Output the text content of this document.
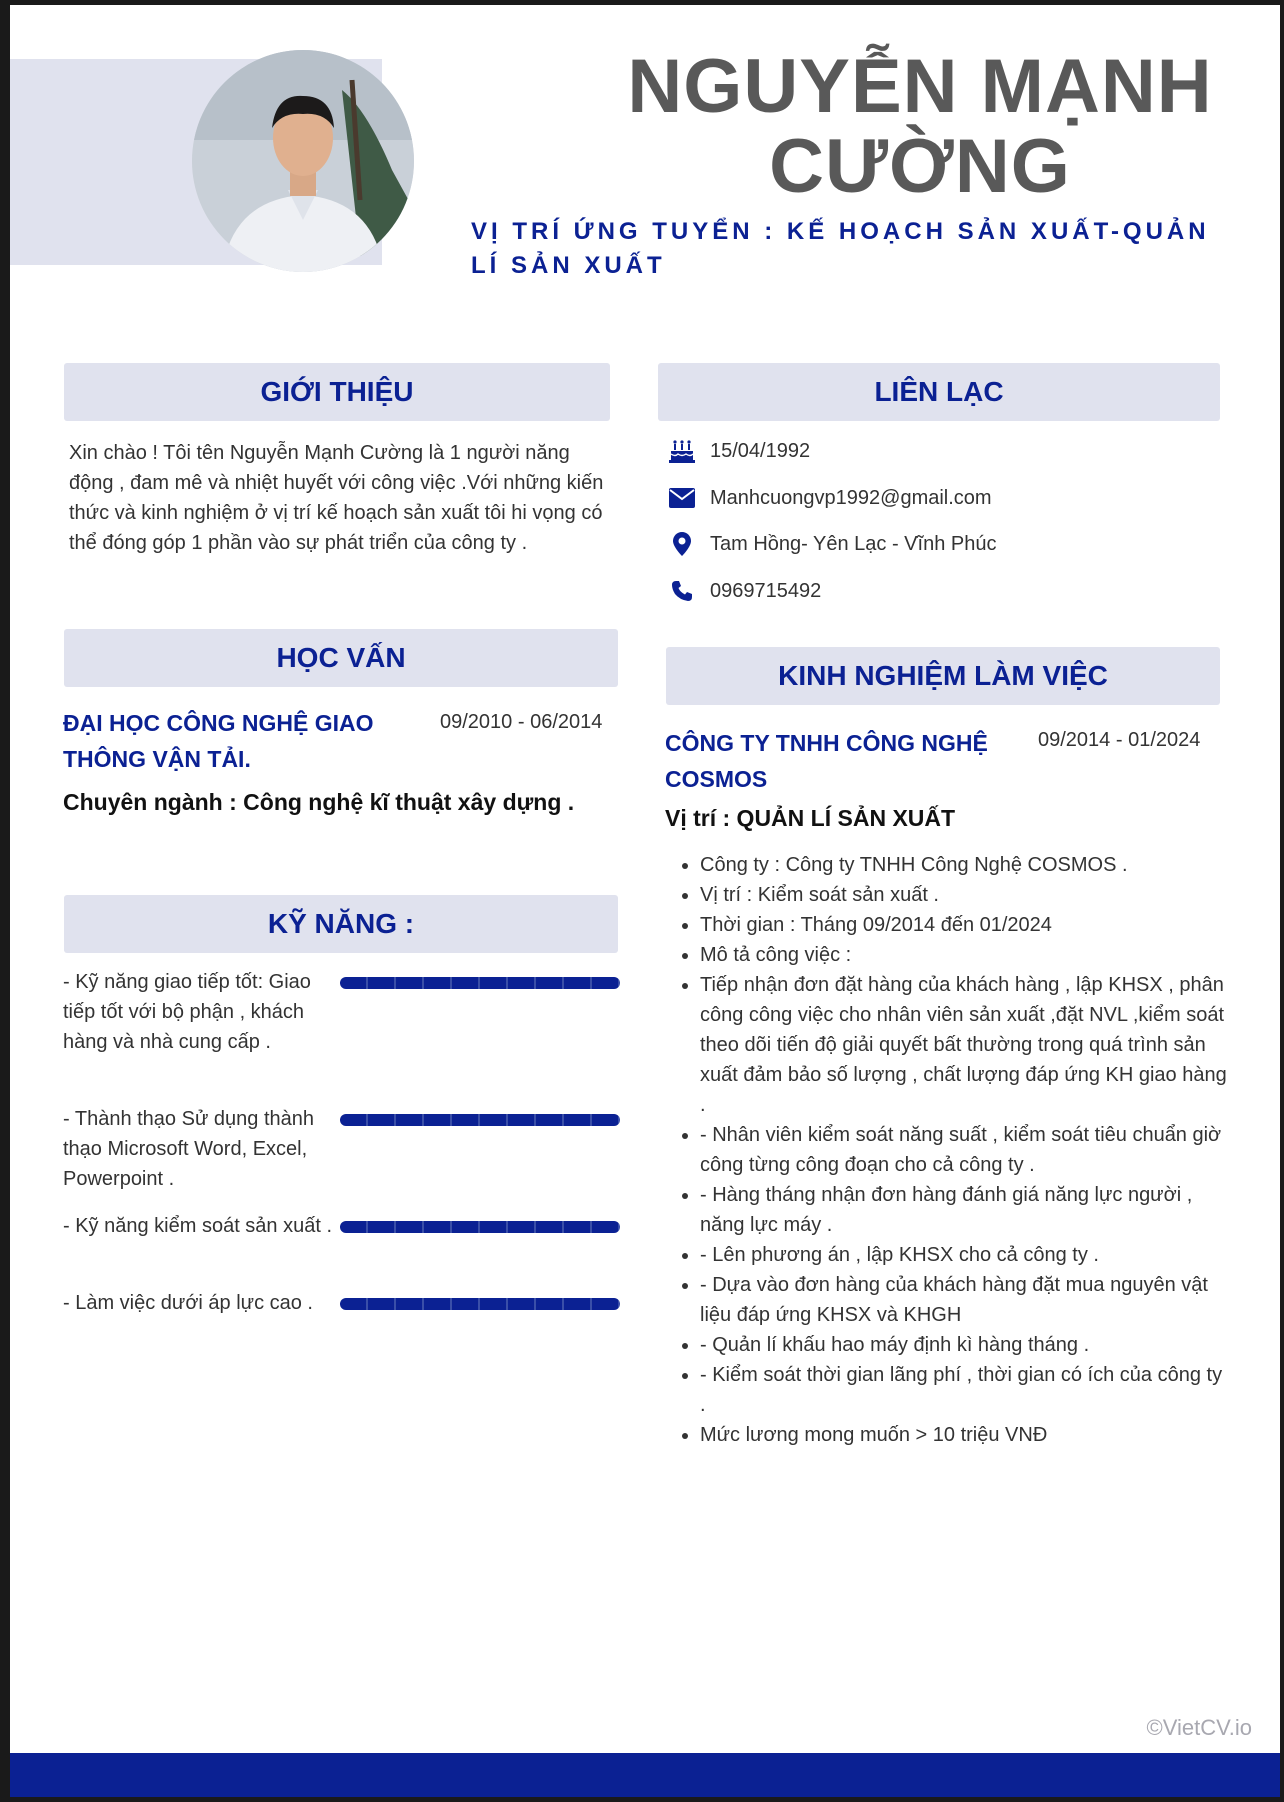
NGUYỄN MẠNH CƯỜNG
VỊ TRÍ ỨNG TUYỂN : KẾ HOẠCH SẢN XUẤT-QUẢN LÍ SẢN XUẤT
GIỚI THIỆU
Xin chào ! Tôi tên Nguyễn Mạnh Cường là 1 người năng động , đam mê và nhiệt huyết với công việc .Với những kiến thức và kinh nghiệm ở vị trí kế hoạch sản xuất tôi hi vọng có thể đóng góp 1 phần vào sự phát triển của công ty .
LIÊN LẠC
15/04/1992
Manhcuongvp1992@gmail.com
Tam Hồng- Yên Lạc - Vĩnh Phúc
0969715492
HỌC VẤN
ĐẠI HỌC CÔNG NGHỆ GIAO THÔNG VẬN TẢI.
09/2010 - 06/2014
Chuyên ngành : Công nghệ kĩ thuật xây dựng .
KỸ NĂNG :
- Kỹ năng giao tiếp tốt: Giao tiếp tốt với bộ phận , khách hàng và nhà cung cấp .
- Thành thạo Sử dụng thành thạo Microsoft Word, Excel, Powerpoint .
- Kỹ năng kiểm soát sản xuất .
- Làm việc dưới áp lực cao .
KINH NGHIỆM LÀM VIỆC
CÔNG TY TNHH CÔNG NGHỆ COSMOS
09/2014 - 01/2024
Vị trí : QUẢN LÍ SẢN XUẤT
• Công ty : Công ty TNHH Công Nghệ COSMOS .
• Vị trí : Kiểm soát sản xuất .
• Thời gian : Tháng 09/2014 đến 01/2024
• Mô tả công việc :
• Tiếp nhận đơn đặt hàng của khách hàng , lập KHSX , phân công công việc cho nhân viên sản xuất ,đặt NVL ,kiểm soát theo dõi tiến độ giải quyết bất thường trong quá trình sản xuất đảm bảo số lượng , chất lượng đáp ứng KH giao hàng .
• - Nhân viên kiểm soát năng suất , kiểm soát tiêu chuẩn giờ công từng công đoạn cho cả công ty .
• - Hàng tháng nhận đơn hàng đánh giá năng lực người , năng lực máy .
• - Lên phương án , lập KHSX cho cả công ty .
• - Dựa vào đơn hàng của khách hàng đặt mua nguyên vật liệu đáp ứng KHSX và KHGH
• - Quản lí khấu hao máy định kì hàng tháng .
• - Kiểm soát thời gian lãng phí , thời gian có ích của công ty .
• Mức lương mong muốn > 10 triệu VNĐ
©VietCV.io
